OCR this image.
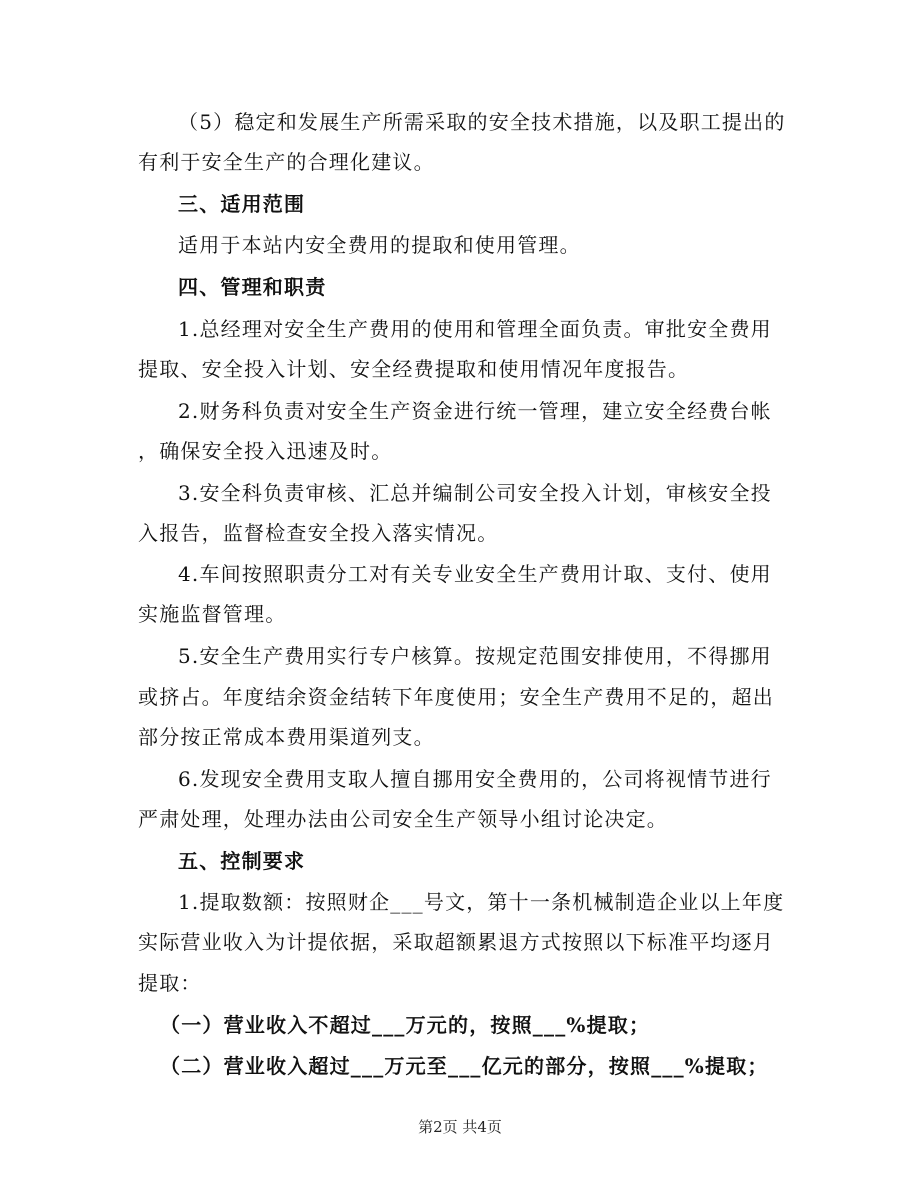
（5）稳定和发展生产所需采取的安全技术措施，以及职工提出的
有利于安全生产的合理化建议。
三、适用范围
适用于本站内安全费用的提取和使用管理。
四、管理和职责
1.总经理对安全生产费用的使用和管理全面负责。审批安全费用
提取、安全投入计划、安全经费提取和使用情况年度报告。
2.财务科负责对安全生产资金进行统一管理，建立安全经费台帐
，确保安全投入迅速及时。
3.安全科负责审核、汇总并编制公司安全投入计划，审核安全投
入报告，监督检查安全投入落实情况。
4.车间按照职责分工对有关专业安全生产费用计取、支付、使用
实施监督管理。
5.安全生产费用实行专户核算。按规定范围安排使用，不得挪用
或挤占。年度结余资金结转下年度使用；安全生产费用不足的，超出
部分按正常成本费用渠道列支。
6.发现安全费用支取人擅自挪用安全费用的，公司将视情节进行
严肃处理，处理办法由公司安全生产领导小组讨论决定。
五、控制要求
1.提取数额：按照财企___号文，第十一条机械制造企业以上年度
实际营业收入为计提依据，采取超额累退方式按照以下标准平均逐月
提取：
（一）营业收入不超过___万元的，按照___%提取；
（二）营业收入超过___万元至___亿元的部分，按照___%提取；
第2页 共4页
